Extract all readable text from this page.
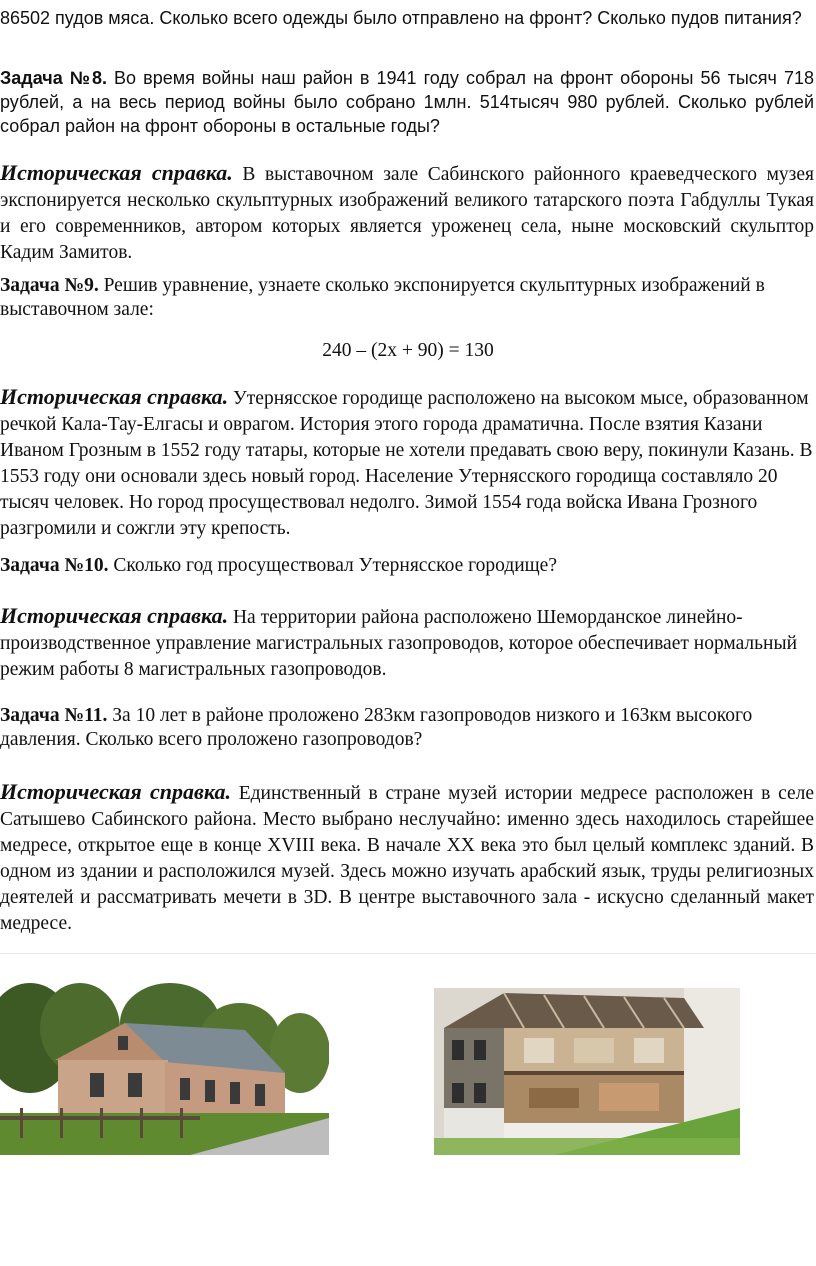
86502 пудов мяса. Сколько всего одежды было отправлено на фронт? Сколько пудов питания?

Задача №8. Во время войны наш район в 1941 году собрал на фронт обороны 56 тысяч 718 рублей, а на весь период войны было собрано 1млн. 514тысяч 980 рублей. Сколько рублей собрал район на фронт обороны в остальные годы?

Историческая справка. В выставочном зале Сабинского районного краеведческого музея экспонируется несколько скульптурных изображений великого татарского поэта Габдуллы Тукая и его современников, автором которых является уроженец села, ныне московский скульптор Кадим Замитов.

Задача №9. Решив уравнение, узнаете сколько экспонируется скульптурных изображений в выставочном зале:

240 – (2х + 90) = 130

Историческая справка. Утернясское городище расположено на высоком мысе, образованном речкой Кала-Тау-Елгасы и оврагом. История этого города драматична. После взятия Казани Иваном Грозным в 1552 году татары, которые не хотели предавать свою веру, покинули Казань. В 1553 году они основали здесь новый город. Население Утернясского городища составляло 20 тысяч человек. Но город просуществовал недолго. Зимой 1554 года войска Ивана Грозного разгромили и сожгли эту крепость.

Задача №10. Сколько год просуществовал Утернясское городище?

Историческая справка. На территории района расположено Шеморданское линейно-производственное управление магистральных газопроводов, которое обеспечивает нормальный режим работы 8 магистральных газопроводов.

Задача №11. За 10 лет в районе проложено 283км газопроводов низкого и 163км высокого давления. Сколько всего проложено газопроводов?

Историческая справка. Единственный в стране музей истории медресе расположен в селе Сатышево Сабинского района. Место выбрано неслучайно: именно здесь находилось старейшее медресе, открытое еще в конце XVIII века. В начале XX века это был целый комплекс зданий. В одном из здании и расположился музей. Здесь можно изучать арабский язык, труды религиозных деятелей и рассматривать мечети в 3D. В центре выставочного зала - искусно сделанный макет медресе.
